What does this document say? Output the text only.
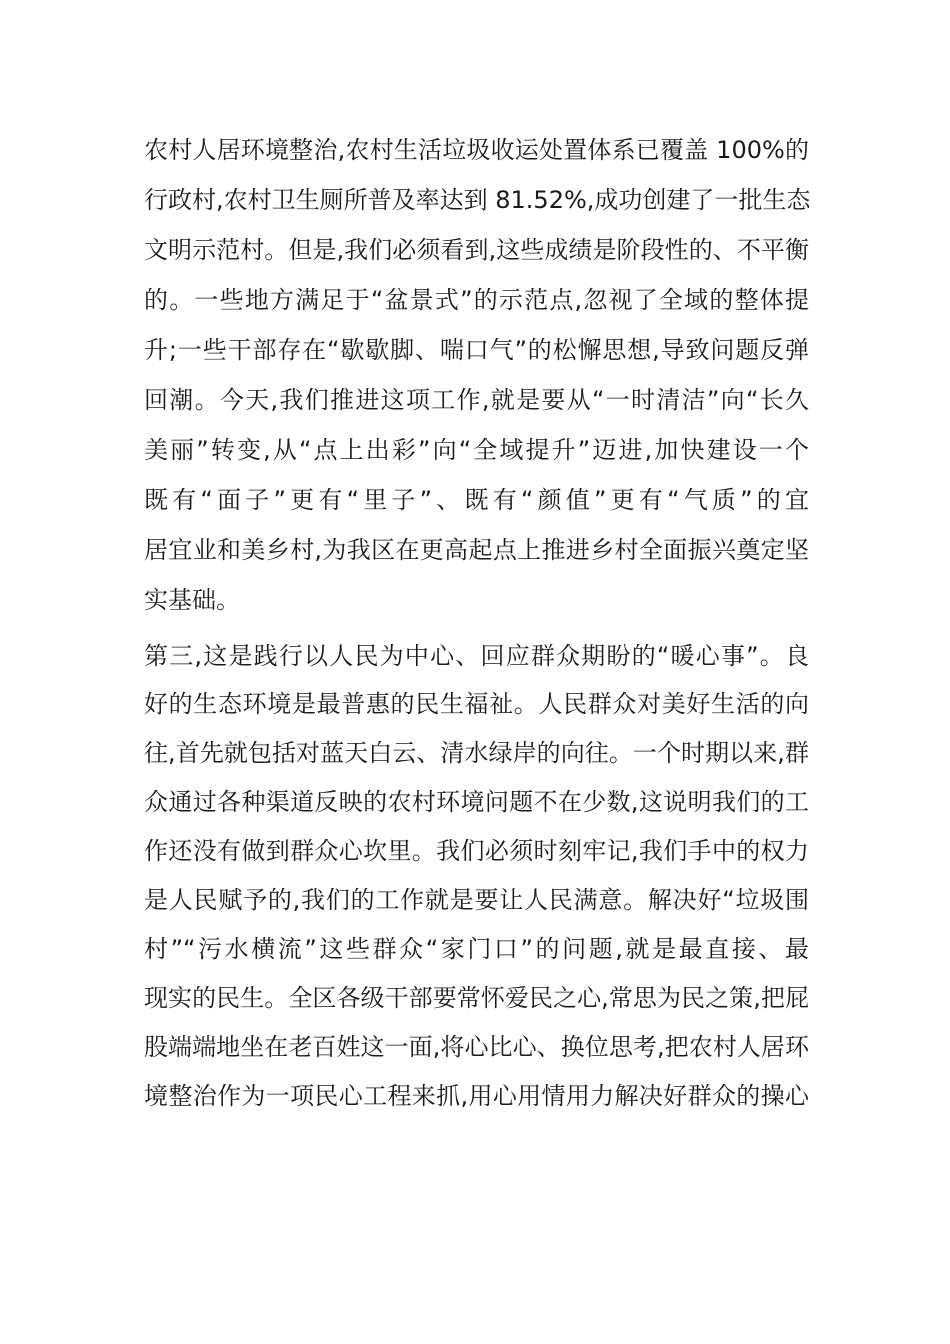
农村人居环境整治,农村生活垃圾收运处置体系已覆盖 100%的
行政村,农村卫生厕所普及率达到 81.52%,成功创建了一批生态
文明示范村。但是,我们必须看到,这些成绩是阶段性的、不平衡
的。一些地方满足于“盆景式”的示范点,忽视了全域的整体提
升;一些干部存在“歇歇脚、喘口气”的松懈思想,导致问题反弹
回潮。今天,我们推进这项工作,就是要从“一时清洁”向“长久
美丽”转变,从“点上出彩”向“全域提升”迈进,加快建设一个
既有“面子”更有“里子”、既有“颜值”更有“气质”的宜
居宜业和美乡村,为我区在更高起点上推进乡村全面振兴奠定坚
实基础。
第三,这是践行以人民为中心、回应群众期盼的“暖心事”。良
好的生态环境是最普惠的民生福祉。人民群众对美好生活的向
往,首先就包括对蓝天白云、清水绿岸的向往。一个时期以来,群
众通过各种渠道反映的农村环境问题不在少数,这说明我们的工
作还没有做到群众心坎里。我们必须时刻牢记,我们手中的权力
是人民赋予的,我们的工作就是要让人民满意。解决好“垃圾围
村”“污水横流”这些群众“家门口”的问题,就是最直接、最
现实的民生。全区各级干部要常怀爱民之心,常思为民之策,把屁
股端端地坐在老百姓这一面,将心比心、换位思考,把农村人居环
境整治作为一项民心工程来抓,用心用情用力解决好群众的操心
